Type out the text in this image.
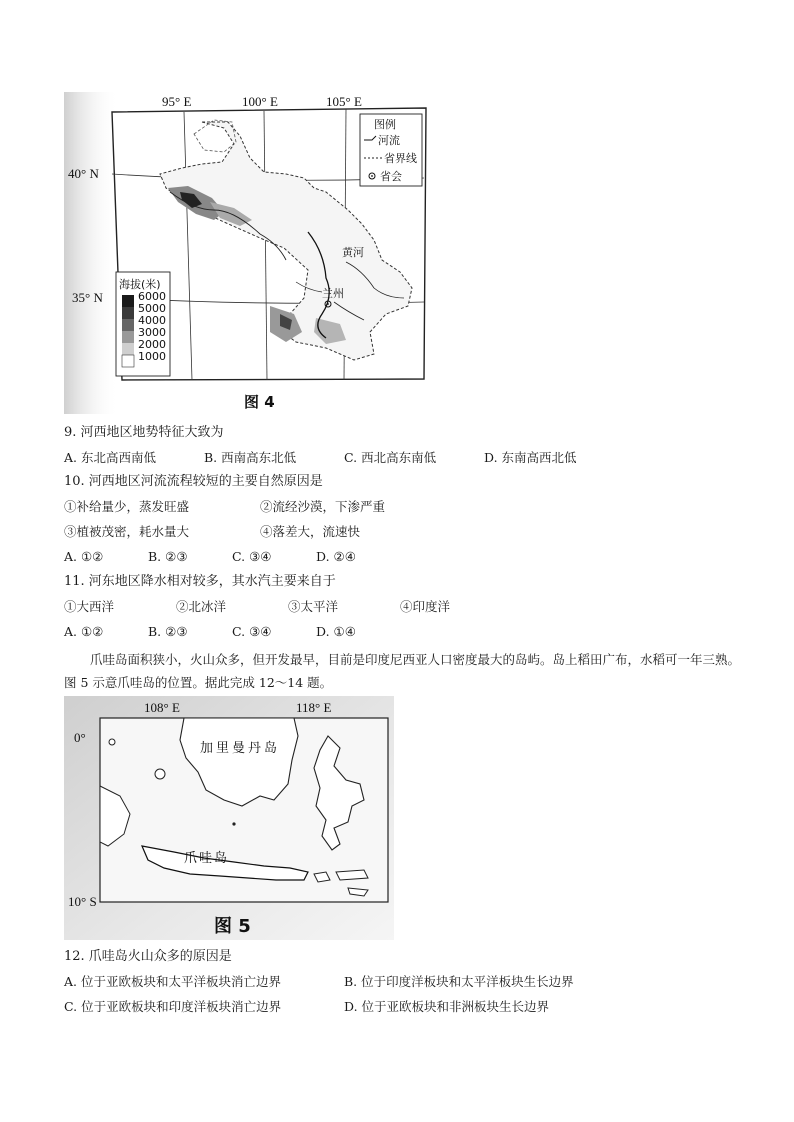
黄河
兰州
95° E	100° E	105° E
40° N
35° N
图例
河流
省界线
省会
海拔(米)
6000
5000
4000
3000
2000
1000
图 4
9. 河西地区地势特征大致为
A. 东北高西南低	B. 西南高东北低	C. 西北高东南低	D. 东南高西北低
10. 河西地区河流流程较短的主要自然原因是
①补给量少，蒸发旺盛	②流经沙漠，下渗严重
③植被茂密，耗水量大	④落差大，流速快
A. ①②	B. ②③	C. ③④	D. ②④
11. 河东地区降水相对较多，其水汽主要来自于
①大西洋	②北冰洋	③太平洋	④印度洋
A. ①②	B. ②③	C. ③④	D. ①④
爪哇岛面积狭小，火山众多，但开发最早，目前是印度尼西亚人口密度最大的岛屿。岛上稻田广布，水稻可一年三熟。图 5 示意爪哇岛的位置。据此完成 12～14 题。
108° E	118° E
0°
10° S
加里曼丹岛
爪哇岛
图 5
12. 爪哇岛火山众多的原因是
A. 位于亚欧板块和太平洋板块消亡边界	B. 位于印度洋板块和太平洋板块生长边界
C. 位于亚欧板块和印度洋板块消亡边界	D. 位于亚欧板块和非洲板块生长边界
